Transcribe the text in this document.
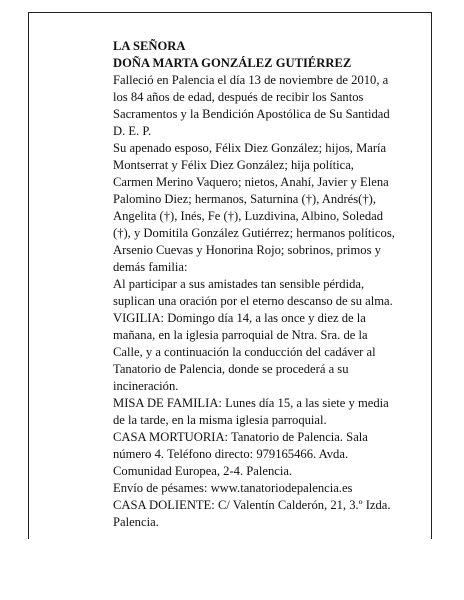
LA SEÑORA
DOÑA MARTA GONZÁLEZ GUTIÉRREZ
Falleció en Palencia el día 13 de noviembre de 2010, a
los 84 años de edad, después de recibir los Santos
Sacramentos y la Bendición Apostólica de Su Santidad
D. E. P.
Su apenado esposo, Félix Diez González; hijos, María
Montserrat y Félix Diez González; hija política,
Carmen Merino Vaquero; nietos, Anahí, Javier y Elena
Palomino Diez; hermanos, Saturnina (†), Andrés(†),
Angelita (†), Inés, Fe (†), Luzdivina, Albino, Soledad
(†), y Domitila González Gutiérrez; hermanos políticos,
Arsenio Cuevas y Honorina Rojo; sobrinos, primos y
demás familia:
Al participar a sus amistades tan sensible pérdida,
suplican una oración por el eterno descanso de su alma.
VIGILIA: Domingo día 14, a las once y diez de la
mañana, en la iglesia parroquial de Ntra. Sra. de la
Calle, y a continuación la conducción del cadáver al
Tanatorio de Palencia, donde se procederá a su
incineración.
MISA DE FAMILIA: Lunes día 15, a las siete y media
de la tarde, en la misma iglesia parroquial.
CASA MORTUORIA: Tanatorio de Palencia. Sala
número 4. Teléfono directo: 979165466. Avda.
Comunidad Europea, 2-4. Palencia.
Envío de pésames: www.tanatoriodepalencia.es
CASA DOLIENTE: C/ Valentín Calderón, 21, 3.º Izda.
Palencia.
